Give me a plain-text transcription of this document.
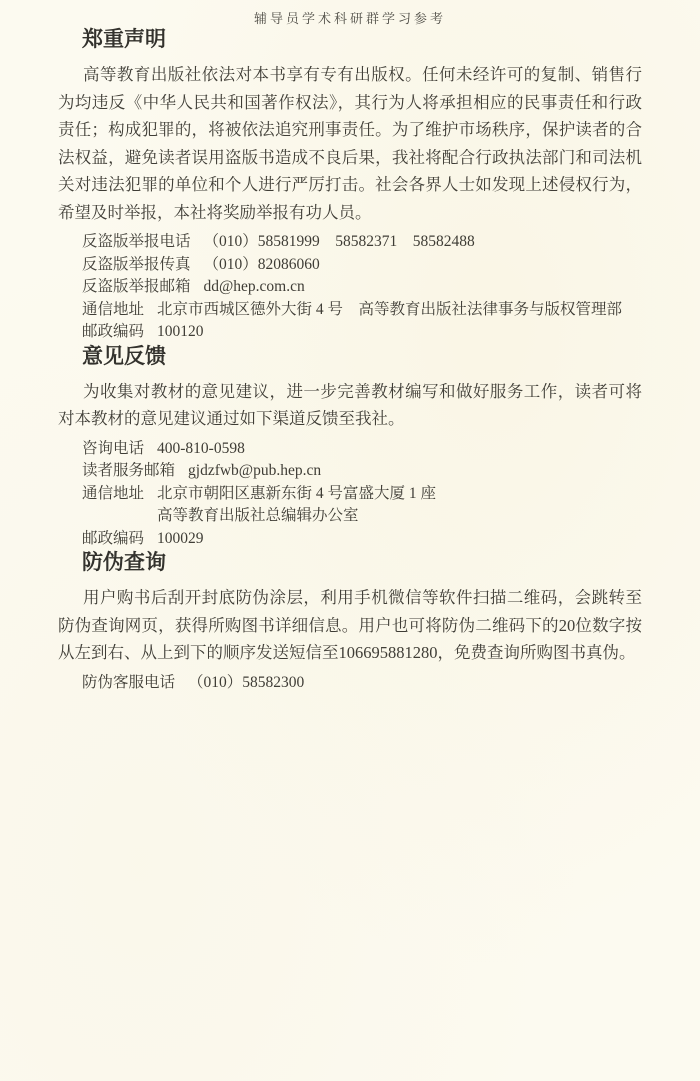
辅导员学术科研群学习参考
郑重声明

高等教育出版社依法对本书享有专有出版权。任何未经许可的复制、销售行为均违反《中华人民共和国著作权法》，其行为人将承担相应的民事责任和行政责任；构成犯罪的，将被依法追究刑事责任。为了维护市场秩序，保护读者的合法权益，避免读者误用盗版书造成不良后果，我社将配合行政执法部门和司法机关对违法犯罪的单位和个人进行严厉打击。社会各界人士如发现上述侵权行为，希望及时举报，本社将奖励举报有功人员。

反盗版举报电话 （010）58581999　58582371　58582488
反盗版举报传真 （010）82086060
反盗版举报邮箱 dd@hep.com.cn
通信地址 北京市西城区德外大街 4 号　高等教育出版社法律事务与版权管理部
邮政编码 100120
意见反馈

为收集对教材的意见建议，进一步完善教材编写和做好服务工作，读者可将对本教材的意见建议通过如下渠道反馈至我社。

咨询电话 400-810-0598
读者服务邮箱 gjdzfwb@pub.hep.cn
通信地址 北京市朝阳区惠新东街 4 号富盛大厦 1 座
高等教育出版社总编辑办公室
邮政编码 100029
防伪查询

用户购书后刮开封底防伪涂层，利用手机微信等软件扫描二维码，会跳转至防伪查询网页，获得所购图书详细信息。用户也可将防伪二维码下的20位数字按从左到右、从上到下的顺序发送短信至106695881280，免费查询所购图书真伪。

防伪客服电话 （010）58582300
